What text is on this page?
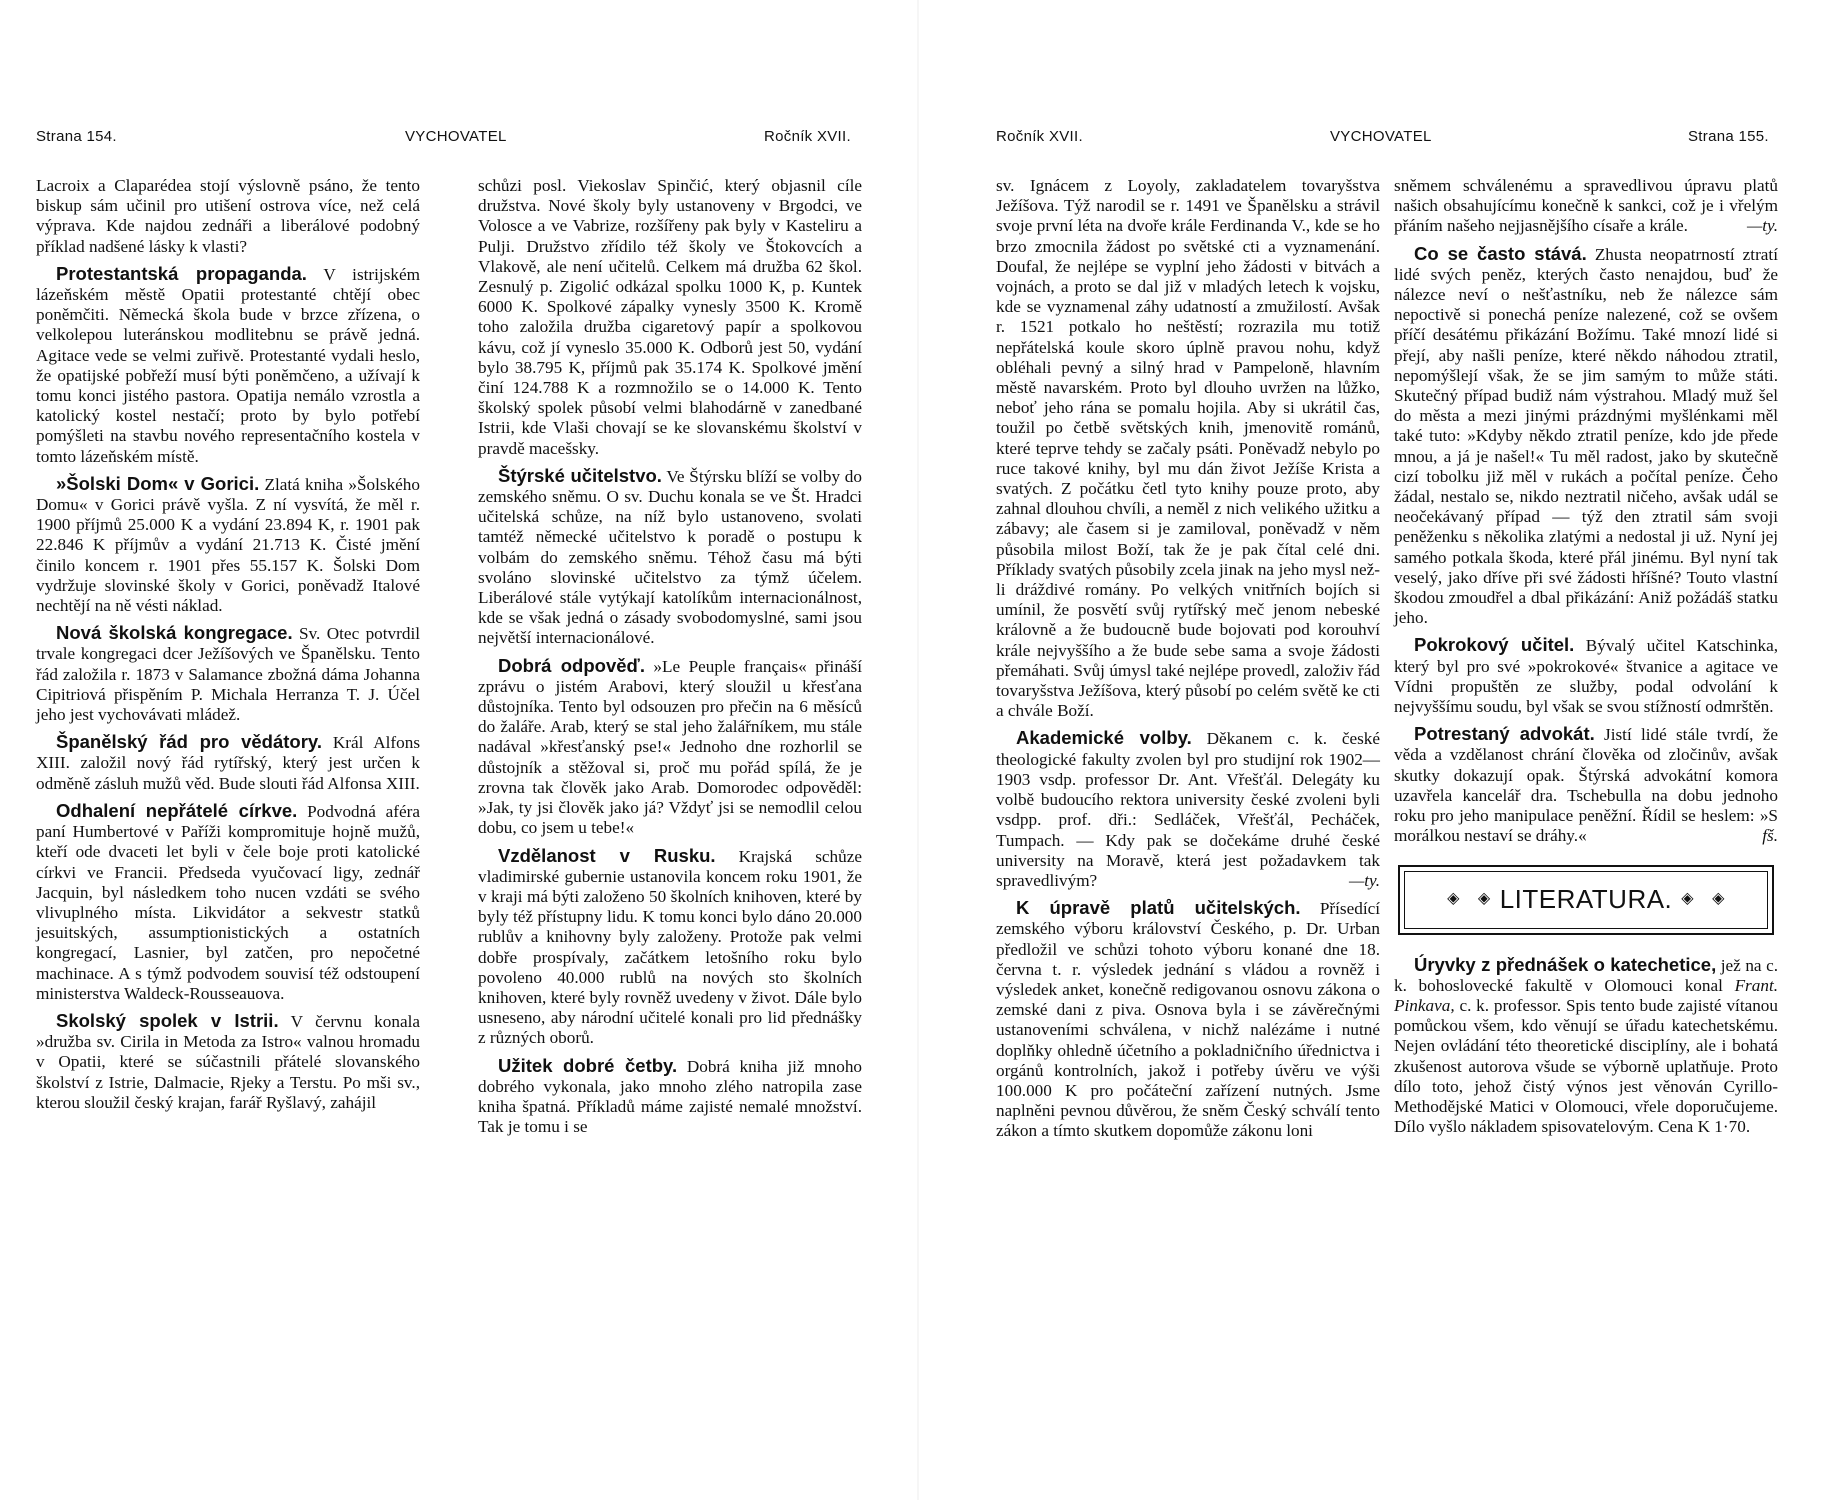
Strana 154.	VYCHOVATEL	Ročník XVII.

Lacroix a Claparédea stojí výslovně psáno, že tento biskup sám učinil pro utišení ostrova více, než celá výprava. Kde najdou zednáři a liberálové podobný příklad nadšené lásky k vlasti?

Protestantská propaganda. V istrijském lázeňském městě Opatii protestanté chtějí obec poněmčiti. Německá škola bude v brzce zřízena, o velkolepou luteránskou modlitebnu se právě jedná. Agitace vede se velmi zuřivě. Protestanté vydali heslo, že opatijské pobřeží musí býti poněmčeno, a užívají k tomu konci jistého pastora. Opatija nemálo vzrostla a katolický kostel nestačí; proto by bylo potřebí pomýšleti na stavbu nového representačního kostela v tomto lázeňském místě.

»Šolski Dom« v Gorici. Zlatá kniha »Šolského Domu« v Gorici právě vyšla. Z ní vysvítá, že měl r. 1900 příjmů 25.000 K a vydání 23.894 K, r. 1901 pak 22.846 K příjmův a vydání 21.713 K. Čisté jmění činilo koncem r. 1901 přes 55.157 K. Šolski Dom vydržuje slovinské školy v Gorici, poněvadž Italové nechtějí na ně vésti náklad.

Nová školská kongregace. Sv. Otec potvrdil trvale kongregaci dcer Ježíšových ve Španělsku. Tento řád založila r. 1873 v Salamance zbožná dáma Johanna Cipitriová přispěním P. Michala Herranza T. J. Účel jeho jest vychovávati mládež.

Španělský řád pro vědátory. Král Alfons XIII. založil nový řád rytířský, který jest určen k odměně zásluh mužů věd. Bude slouti řád Alfonsa XIII.

Odhalení nepřátelé církve. Podvodná aféra paní Humbertové v Paříži kompromituje hojně mužů, kteří ode dvaceti let byli v čele boje proti katolické církvi ve Francii. Předseda vyučovací ligy, zednář Jacquin, byl následkem toho nucen vzdáti se svého vlivuplného místa. Likvidátor a sekvestr statků jesuitských, assumptionistických a ostatních kongregací, Lasnier, byl zatčen, pro nepočetné machinace. A s týmž podvodem souvisí též odstoupení ministerstva Waldeck-Rousseauova.

Skolský spolek v Istrii. V červnu konala »družba sv. Cirila in Metoda za Istro« valnou hromadu v Opatii, které se súčastnili přátelé slovanského školství z Istrie, Dalmacie, Rjeky a Terstu. Po mši sv., kterou sloužil český krajan, farář Ryšlavý, zahájil

schůzi posl. Viekoslav Spinčić, který objasnil cíle družstva. Nové školy byly ustanoveny v Brgodci, ve Volosce a ve Vabrize, rozšířeny pak byly v Kasteliru a Pulji. Družstvo zřídilo též školy ve Štokovcích a Vlakově, ale není učitelů. Celkem má družba 62 škol. Zesnulý p. Zigolić odkázal spolku 1000 K, p. Kuntek 6000 K. Spolkové zápalky vynesly 3500 K. Kromě toho založila družba cigaretový papír a spolkovou kávu, což jí vyneslo 35.000 K. Odborů jest 50, vydání bylo 38.795 K, příjmů pak 35.174 K. Spolkové jmění činí 124.788 K a rozmnožilo se o 14.000 K. Tento školský spolek působí velmi blahodárně v zanedbané Istrii, kde Vlaši chovají se ke slovanskému školství v pravdě macešsky.

Štýrské učitelstvo. Ve Štýrsku blíží se volby do zemského sněmu. O sv. Duchu konala se ve Št. Hradci učitelská schůze, na níž bylo ustanoveno, svolati tamtéž německé učitelstvo k poradě o postupu k volbám do zemského sněmu. Téhož času má býti svoláno slovinské učitelstvo za týmž účelem. Liberálové stále vytýkají katolíkům internacionálnost, kde se však jedná o zásady svobodomyslné, sami jsou největší internacionálové.

Dobrá odpověď. »Le Peuple français« přináší zprávu o jistém Arabovi, který sloužil u křesťana důstojníka. Tento byl odsouzen pro přečin na 6 měsíců do žaláře. Arab, který se stal jeho žalářníkem, mu stále nadával »křesťanský pse!« Jednoho dne rozhorlil se důstojník a stěžoval si, proč mu pořád spílá, že je zrovna tak člověk jako Arab. Domorodec odpověděl: »Jak, ty jsi člověk jako já? Vždyť jsi se nemodlil celou dobu, co jsem u tebe!«

Vzdělanost v Rusku. Krajská schůze vladimirské gubernie ustanovila koncem roku 1901, že v kraji má býti založeno 50 školních knihoven, které by byly též přístupny lidu. K tomu konci bylo dáno 20.000 rublův a knihovny byly založeny. Protože pak velmi dobře prospívaly, začátkem letošního roku bylo povoleno 40.000 rublů na nových sto školních knihoven, které byly rovněž uvedeny v život. Dále bylo usneseno, aby národní učitelé konali pro lid přednášky z různých oborů.

Užitek dobré četby. Dobrá kniha již mnoho dobrého vykonala, jako mnoho zlého natropila zase kniha špatná. Příkladů máme zajisté nemalé množství. Tak je tomu i se

Ročník XVII.	VYCHOVATEL	Strana 155.

sv. Ignácem z Loyoly, zakladatelem tovaryšstva Ježíšova. Týž narodil se r. 1491 ve Španělsku a strávil svoje první léta na dvoře krále Ferdinanda V., kde se ho brzo zmocnila žádost po světské cti a vyznamenání. Doufal, že nejlépe se vyplní jeho žádosti v bitvách a vojnách, a proto se dal již v mladých letech k vojsku, kde se vyznamenal záhy udatností a zmužilostí. Avšak r. 1521 potkalo ho neštěstí; rozrazila mu totiž nepřátelská koule skoro úplně pravou nohu, když obléhali pevný a silný hrad v Pampeloně, hlavním městě navarském. Proto byl dlouho uvržen na lůžko, neboť jeho rána se pomalu hojila. Aby si ukrátil čas, toužil po četbě světských knih, jmenovitě románů, které teprve tehdy se začaly psáti. Poněvadž nebylo po ruce takové knihy, byl mu dán život Ježíše Krista a svatých. Z počátku četl tyto knihy pouze proto, aby zahnal dlouhou chvíli, a neměl z nich velikého užitku a zábavy; ale časem si je zamiloval, poněvadž v něm působila milost Boží, tak že je pak čítal celé dni. Příklady svatých působily zcela jinak na jeho mysl než-li dráždivé romány. Po velkých vnitřních bojích si umínil, že posvětí svůj rytířský meč jenom nebeské královně a že budoucně bude bojovati pod korouhví krále nejvyššího a že bude sebe sama a svoje žádosti přemáhati. Svůj úmysl také nejlépe provedl, založiv řád tovaryšstva Ježíšova, který působí po celém světě ke cti a chvále Boží.

Akademické volby. Děkanem c. k. české theologické fakulty zvolen byl pro studijní rok 1902—1903 vsdp. professor Dr. Ant. Vřešťál. Delegáty ku volbě budoucího rektora university české zvoleni byli vsdpp. prof. dři.: Sedláček, Vřešťál, Pecháček, Tumpach. — Kdy pak se dočekáme druhé české university na Moravě, která jest požadavkem tak spravedlivým?	—ty.

K úpravě platů učitelských. Přísedící zemského výboru království Českého, p. Dr. Urban předložil ve schůzi tohoto výboru konané dne 18. června t. r. výsledek jednání s vládou a rovněž i výsledek anket, konečně redigovanou osnovu zákona o zemské dani z piva. Osnova byla i se závěrečnými ustanoveními schválena, v nichž nalézáme i nutné doplňky ohledně účetního a pokladničního úřednictva i orgánů kontrolních, jakož i potřeby úvěru ve výši 100.000 K pro počáteční zařízení nutných. Jsme naplněni pevnou důvěrou, že sněm Český schválí tento zákon a tímto skutkem dopomůže zákonu loni

sněmem schválenému a spravedlivou úpravu platů našich obsahujícímu konečně k sankci, což je i vřelým přáním našeho nejjasnějšího císaře a krále.	—ty.

Co se často stává. Zhusta neopatrností ztratí lidé svých peněz, kterých často nenajdou, buď že nálezce neví o nešťastníku, neb že nálezce sám nepoctivě si ponechá peníze nalezené, což se ovšem příčí desátému přikázání Božímu. Také mnozí lidé si přejí, aby našli peníze, které někdo náhodou ztratil, nepomýšlejí však, že se jim samým to může státi. Skutečný případ budiž nám výstrahou. Mladý muž šel do města a mezi jinými prázdnými myšlénkami měl také tuto: »Kdyby někdo ztratil peníze, kdo jde přede mnou, a já je našel!« Tu měl radost, jako by skutečně cizí tobolku již měl v rukách a počítal peníze. Čeho žádal, nestalo se, nikdo neztratil ničeho, avšak udál se neočekávaný případ — týž den ztratil sám svoji peněženku s několika zlatými a nedostal ji už. Nyní jej samého potkala škoda, které přál jinému. Byl nyní tak veselý, jako dříve při své žádosti hříšné? Touto vlastní škodou zmoudřel a dbal přikázání: Aniž požádáš statku jeho.

Pokrokový učitel. Bývalý učitel Katschinka, který byl pro své »pokrokové« štvanice a agitace ve Vídni propuštěn ze služby, podal odvolání k nejvyššímu soudu, byl však se svou stížností odmrštěn.

Potrestaný advokát. Jistí lidé stále tvrdí, že věda a vzdělanost chrání člověka od zločinův, avšak skutky dokazují opak. Štýrská advokátní komora uzavřela kancelář dra. Tschebulla na dobu jednoho roku pro jeho manipulace peněžní. Řídil se heslem: »S morálkou nestaví se dráhy.«	fš.

◈ ◈ LITERATURA. ◈ ◈

Úryvky z přednášek o katechetice, jež na c. k. bohoslovecké fakultě v Olomouci konal Frant. Pinkava, c. k. professor. Spis tento bude zajisté vítanou pomůckou všem, kdo věnují se úřadu katechetskému. Nejen ovládání této theoretické disciplíny, ale i bohatá zkušenost autorova všude se výborně uplatňuje. Proto dílo toto, jehož čistý výnos jest věnován Cyrillo-Methodějské Matici v Olomouci, vřele doporučujeme. Dílo vyšlo nákladem spisovatelovým. Cena K 1·70.
